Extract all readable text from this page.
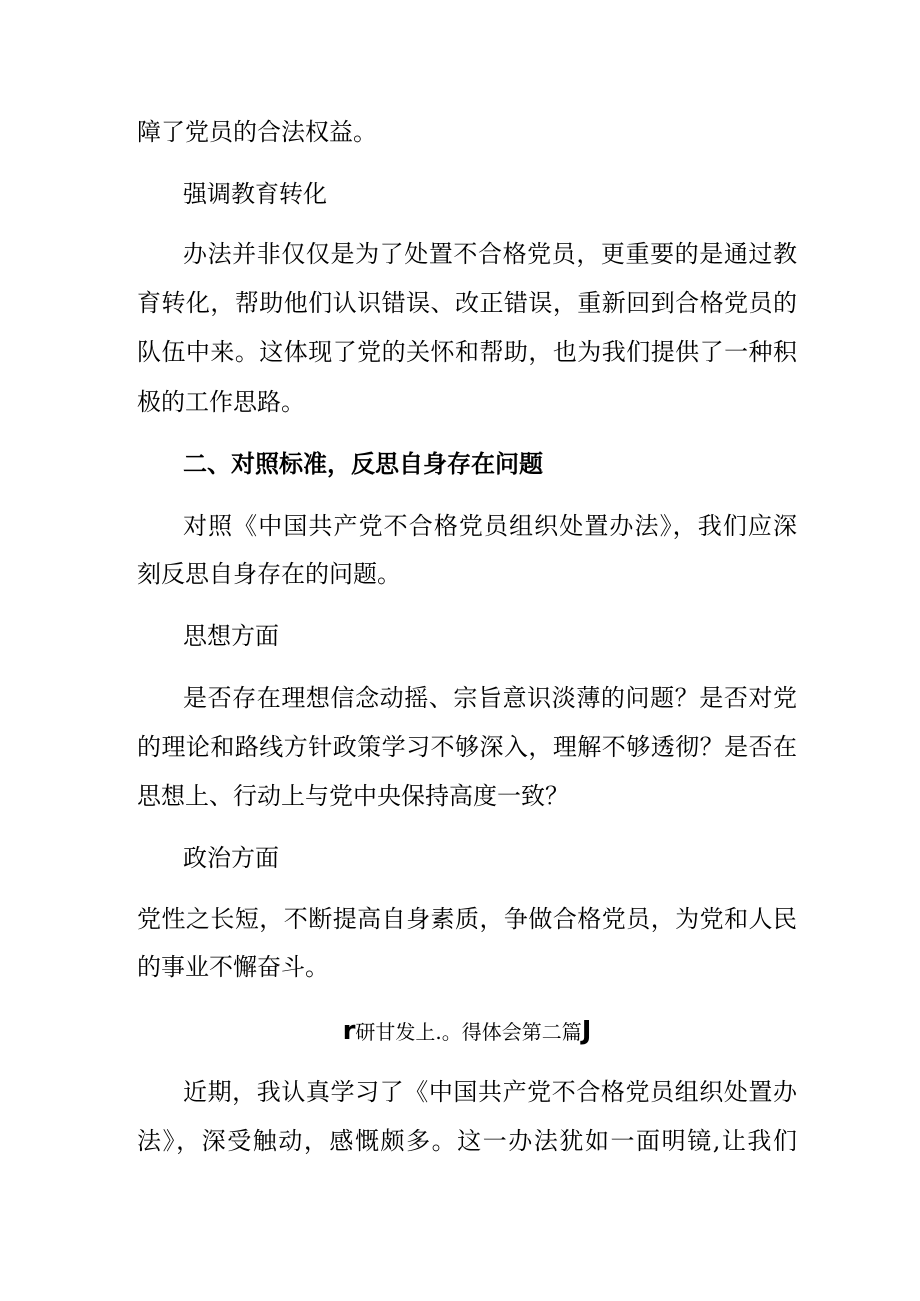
障了党员的合法权益。
强调教育转化
办法并非仅仅是为了处置不合格党员，更重要的是通过教
育转化，帮助他们认识错误、改正错误，重新回到合格党员的
队伍中来。这体现了党的关怀和帮助，也为我们提供了一种积
极的工作思路。
二、对照标准，反思自身存在问题
对照《中国共产党不合格党员组织处置办法》，我们应深
刻反思自身存在的问题。
思想方面
是否存在理想信念动摇、宗旨意识淡薄的问题？是否对党
的理论和路线方针政策学习不够深入，理解不够透彻？是否在
思想上、行动上与党中央保持高度一致？
政治方面
党性之长短，不断提高自身素质，争做合格党员，为党和人民
的事业不懈奋斗。
r研甘发上.。得体会第二篇J
近期，我认真学习了《中国共产党不合格党员组织处置办
法》，深受触动，感慨颇多。这一办法犹如一面明镜,让我们
